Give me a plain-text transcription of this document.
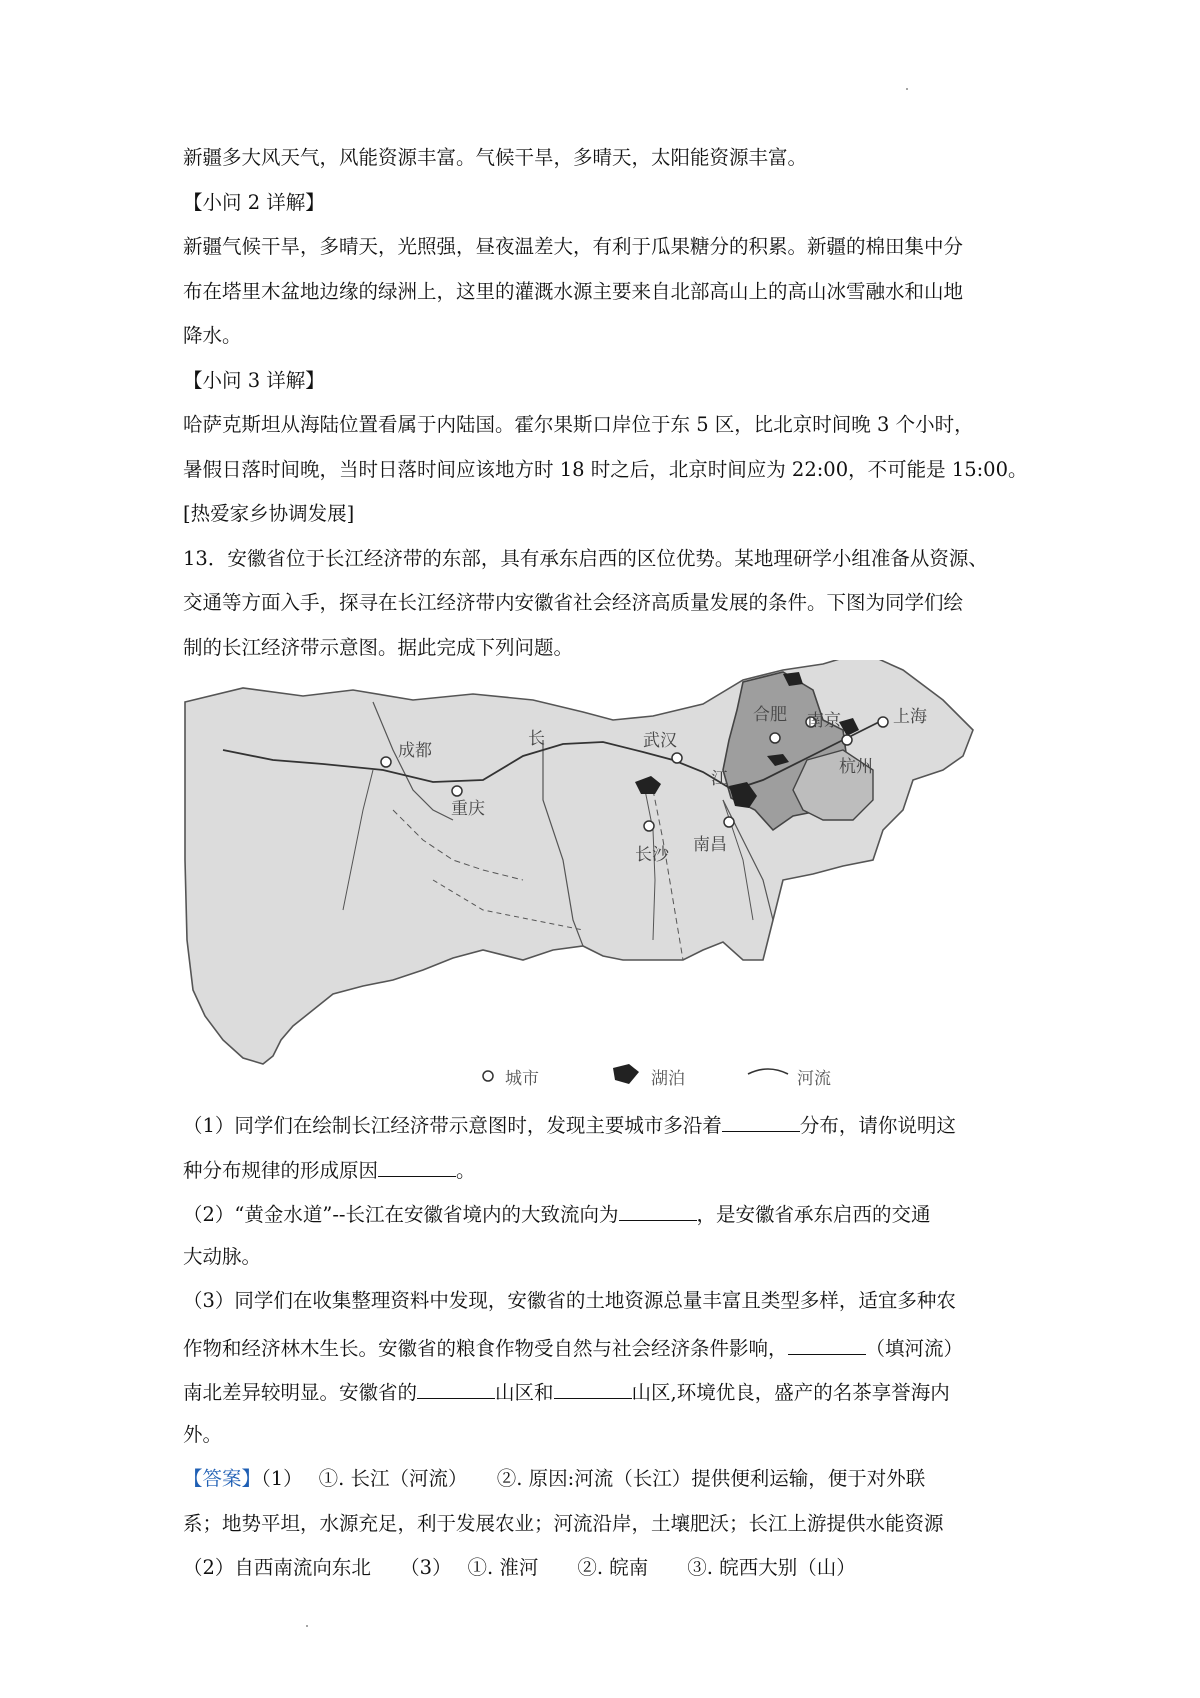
新疆多大风天气，风能资源丰富。气候干旱，多晴天，太阳能资源丰富。
【小问 2 详解】
新疆气候干旱，多晴天，光照强，昼夜温差大，有利于瓜果糖分的积累。新疆的棉田集中分
布在塔里木盆地边缘的绿洲上，这里的灌溉水源主要来自北部高山上的高山冰雪融水和山地
降水。
【小问 3 详解】
哈萨克斯坦从海陆位置看属于内陆国。霍尔果斯口岸位于东 5 区，比北京时间晚 3 个小时，
暑假日落时间晚，当时日落时间应该地方时 18 时之后，北京时间应为 22:00，不可能是 15:00。
[热爱家乡协调发展]
13．安徽省位于长江经济带的东部，具有承东启西的区位优势。某地理研学小组准备从资源、
交通等方面入手，探寻在长江经济带内安徽省社会经济高质量发展的条件。下图为同学们绘
制的长江经济带示意图。据此完成下列问题。
成都
重庆
武汉
长沙 南昌
合肥 南京	上海
杭州
长
江
城市	湖泊	河流
（1）同学们在绘制长江经济带示意图时，发现主要城市多沿着	分布，请你说明这
种分布规律的形成原因	。
（2）“黄金水道”--长江在安徽省境内的大致流向为	，是安徽省承东启西的交通
大动脉。
（3）同学们在收集整理资料中发现，安徽省的土地资源总量丰富且类型多样，适宜多种农
作物和经济林木生长。安徽省的粮食作物受自然与社会经济条件影响，	（填河流）
南北差异较明显。安徽省的	山区和	山区,环境优良，盛产的名茶享誉海内
外。
【答案】（1）　 ①. 长江（河流）　　②. 原因:河流（长江）提供便利运输，便于对外联
系；地势平坦，水源充足，利于发展农业；河流沿岸，土壤肥沃；长江上游提供水能资源
（2）自西南流向东北　　（3）　 ①. 淮河　　②. 皖南　　③. 皖西大别（山）
